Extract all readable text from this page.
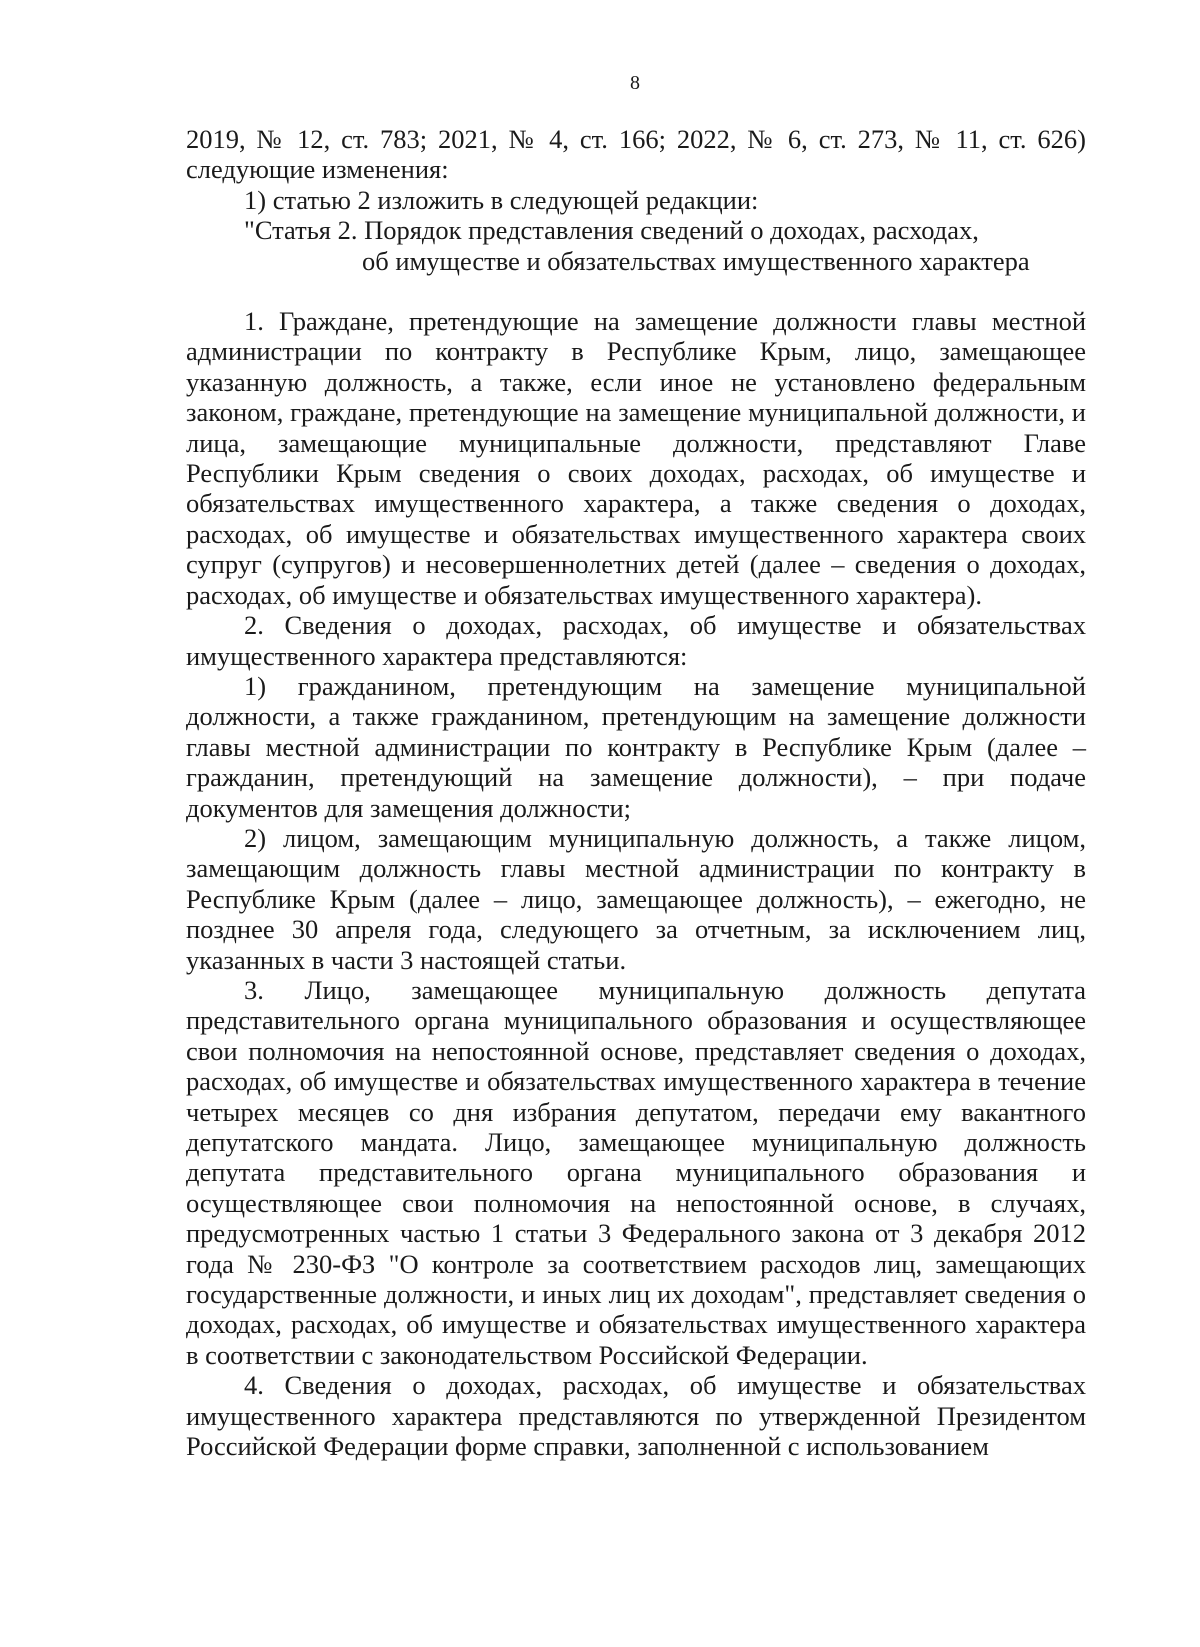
8

2019, № 12, ст. 783; 2021, № 4, ст. 166; 2022, № 6, ст. 273, № 11, ст. 626) следующие изменения:

1) статью 2 изложить в следующей редакции:

"Статья 2. Порядок представления сведений о доходах, расходах,

об имуществе и обязательствах имущественного характера

1. Граждане, претендующие на замещение должности главы местной администрации по контракту в Республике Крым, лицо, замещающее указанную должность, а также, если иное не установлено федеральным законом, граждане, претендующие на замещение муниципальной должности, и лица, замещающие муниципальные должности, представляют Главе Республики Крым сведения о своих доходах, расходах, об имуществе и обязательствах имущественного характера, а также сведения о доходах, расходах, об имуществе и обязательствах имущественного характера своих супруг (супругов) и несовершеннолетних детей (далее – сведения о доходах, расходах, об имуществе и обязательствах имущественного характера).

2. Сведения о доходах, расходах, об имуществе и обязательствах имущественного характера представляются:

1) гражданином, претендующим на замещение муниципальной должности, а также гражданином, претендующим на замещение должности главы местной администрации по контракту в Республике Крым (далее – гражданин, претендующий на замещение должности), – при подаче документов для замещения должности;

2) лицом, замещающим муниципальную должность, а также лицом, замещающим должность главы местной администрации по контракту в Республике Крым (далее – лицо, замещающее должность), – ежегодно, не позднее 30 апреля года, следующего за отчетным, за исключением лиц, указанных в части 3 настоящей статьи.

3. Лицо, замещающее муниципальную должность депутата представительного органа муниципального образования и осуществляющее свои полномочия на непостоянной основе, представляет сведения о доходах, расходах, об имуществе и обязательствах имущественного характера в течение четырех месяцев со дня избрания депутатом, передачи ему вакантного депутатского мандата. Лицо, замещающее муниципальную должность депутата представительного органа муниципального образования и осуществляющее свои полномочия на непостоянной основе, в случаях, предусмотренных частью 1 статьи 3 Федерального закона от 3 декабря 2012 года № 230-ФЗ "О контроле за соответствием расходов лиц, замещающих государственные должности, и иных лиц их доходам", представляет сведения о доходах, расходах, об имуществе и обязательствах имущественного характера в соответствии с законодательством Российской Федерации.

4. Сведения о доходах, расходах, об имуществе и обязательствах имущественного характера представляются по утвержденной Президентом Российской Федерации форме справки, заполненной с использованием
